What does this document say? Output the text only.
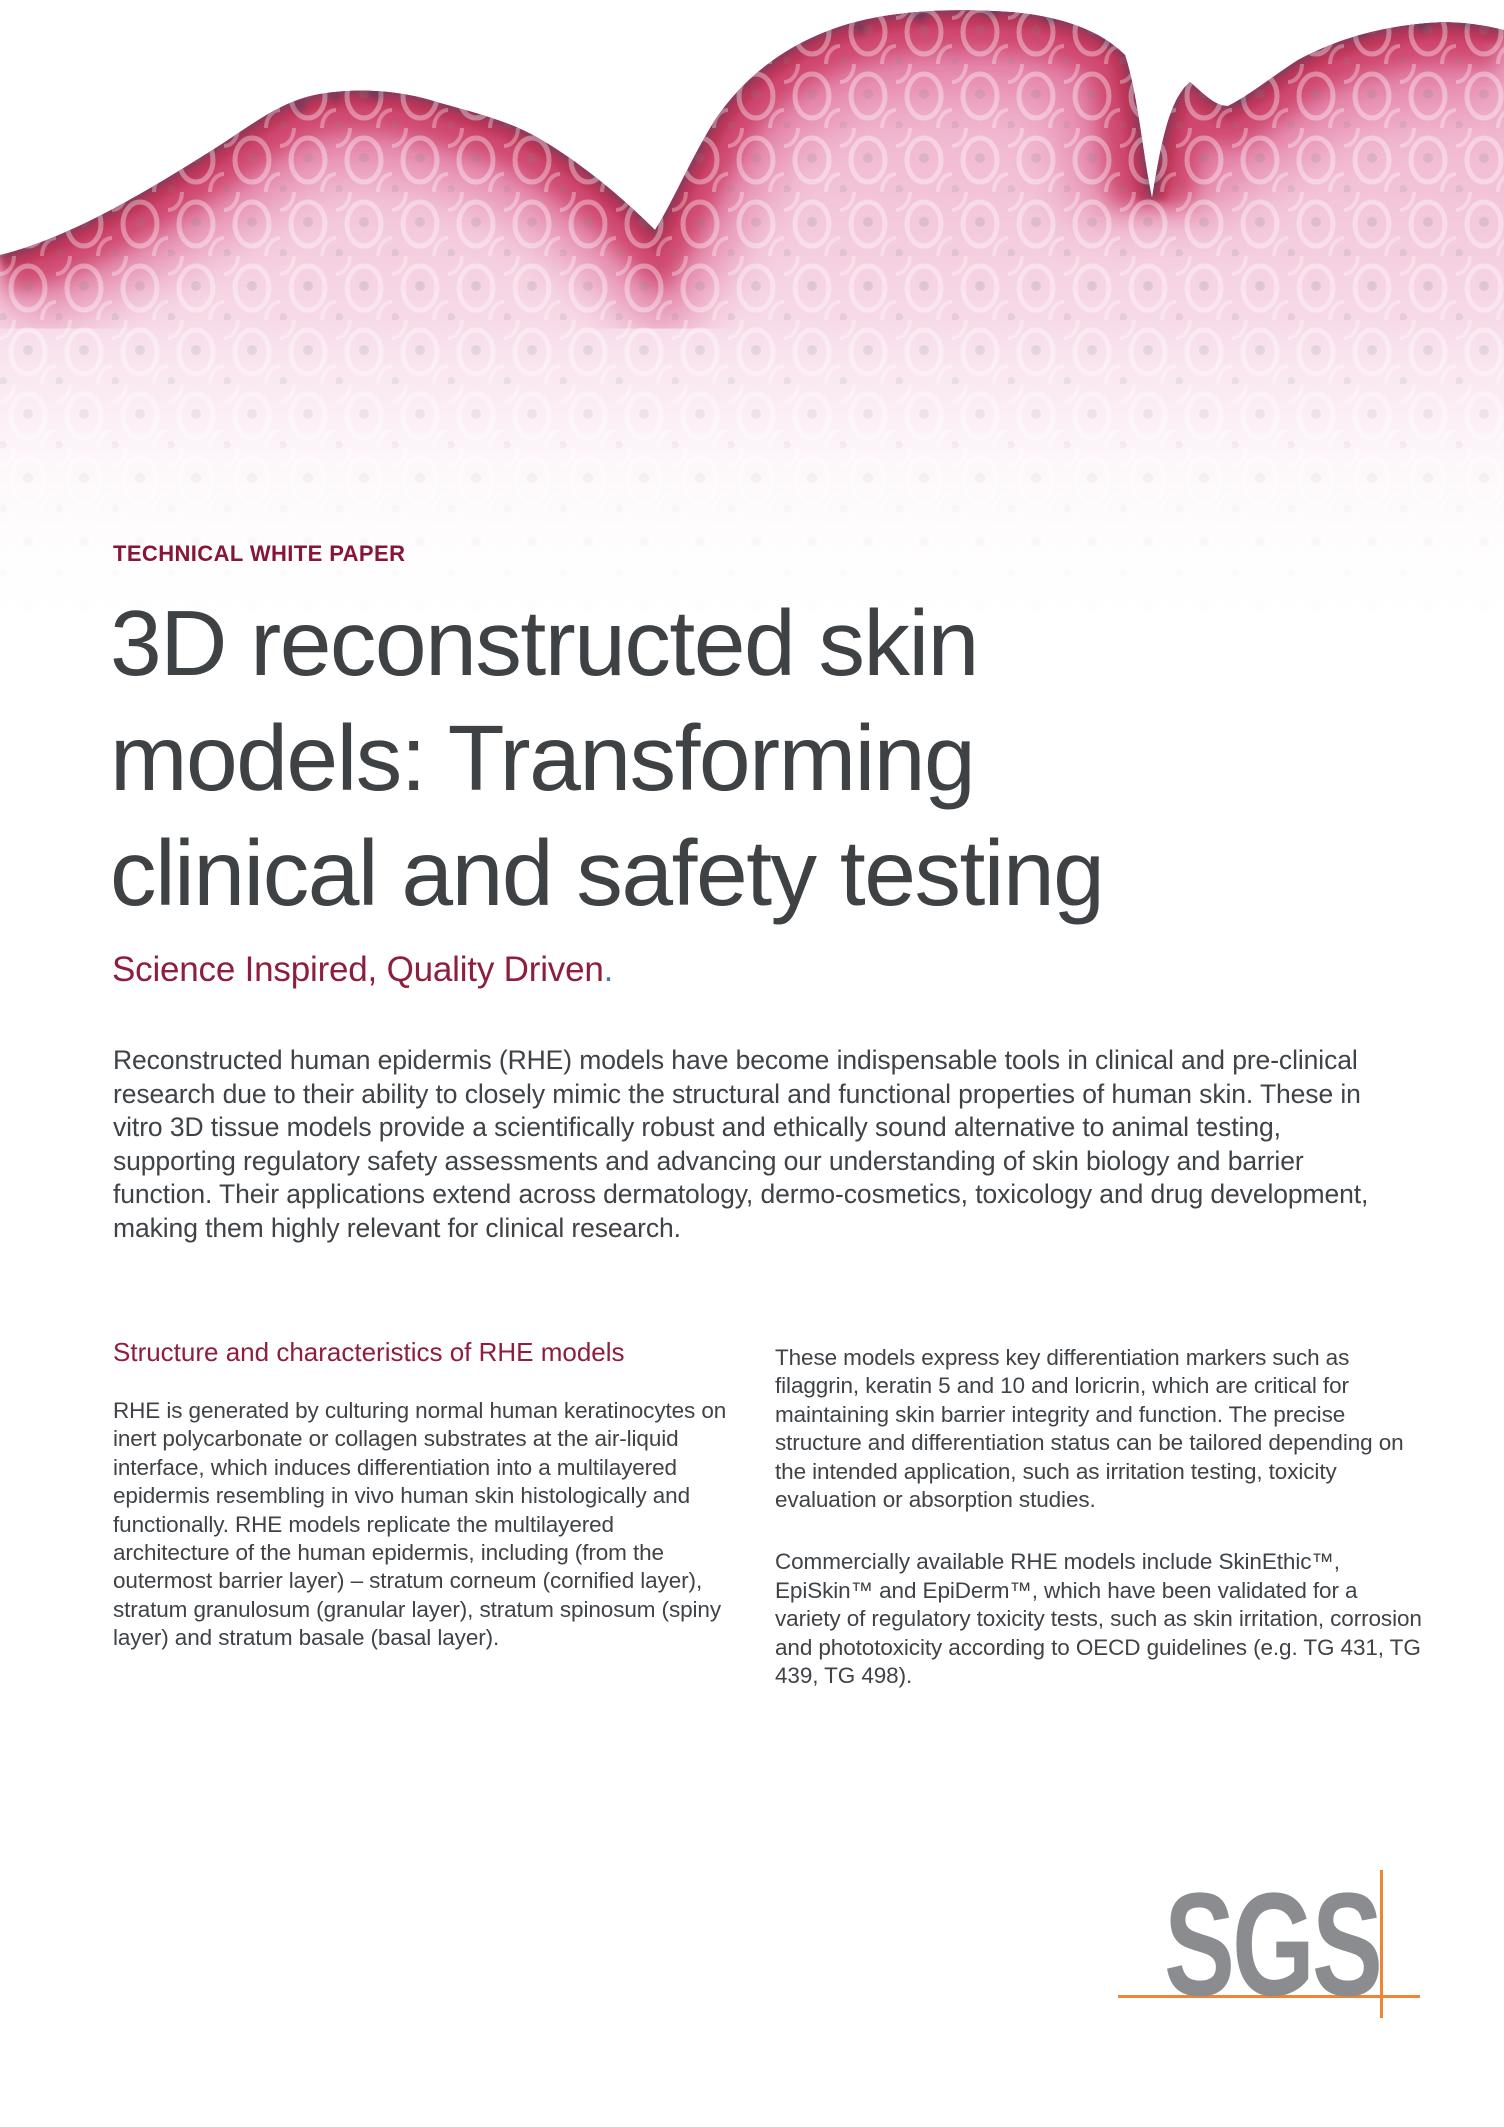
TECHNICAL WHITE PAPER
3D reconstructed skin
models: Transforming
clinical and safety testing
Science Inspired, Quality Driven.

Reconstructed human epidermis (RHE) models have become indispensable tools in clinical and pre-clinical research due to their ability to closely mimic the structural and functional properties of human skin. These in vitro 3D tissue models provide a scientifically robust and ethically sound alternative to animal testing, supporting regulatory safety assessments and advancing our understanding of skin biology and barrier function. Their applications extend across dermatology, dermo-cosmetics, toxicology and drug development, making them highly relevant for clinical research.

Structure and characteristics of RHE models

RHE is generated by culturing normal human keratinocytes on inert polycarbonate or collagen substrates at the air-liquid interface, which induces differentiation into a multilayered epidermis resembling in vivo human skin histologically and functionally. RHE models replicate the multilayered architecture of the human epidermis, including (from the outermost barrier layer) – stratum corneum (cornified layer), stratum granulosum (granular layer), stratum spinosum (spiny layer) and stratum basale (basal layer).

These models express key differentiation markers such as filaggrin, keratin 5 and 10 and loricrin, which are critical for maintaining skin barrier integrity and function. The precise structure and differentiation status can be tailored depending on the intended application, such as irritation testing, toxicity evaluation or absorption studies.

Commercially available RHE models include SkinEthic™, EpiSkin™ and EpiDerm™, which have been validated for a variety of regulatory toxicity tests, such as skin irritation, corrosion and phototoxicity according to OECD guidelines (e.g. TG 431, TG 439, TG 498).

SGS
